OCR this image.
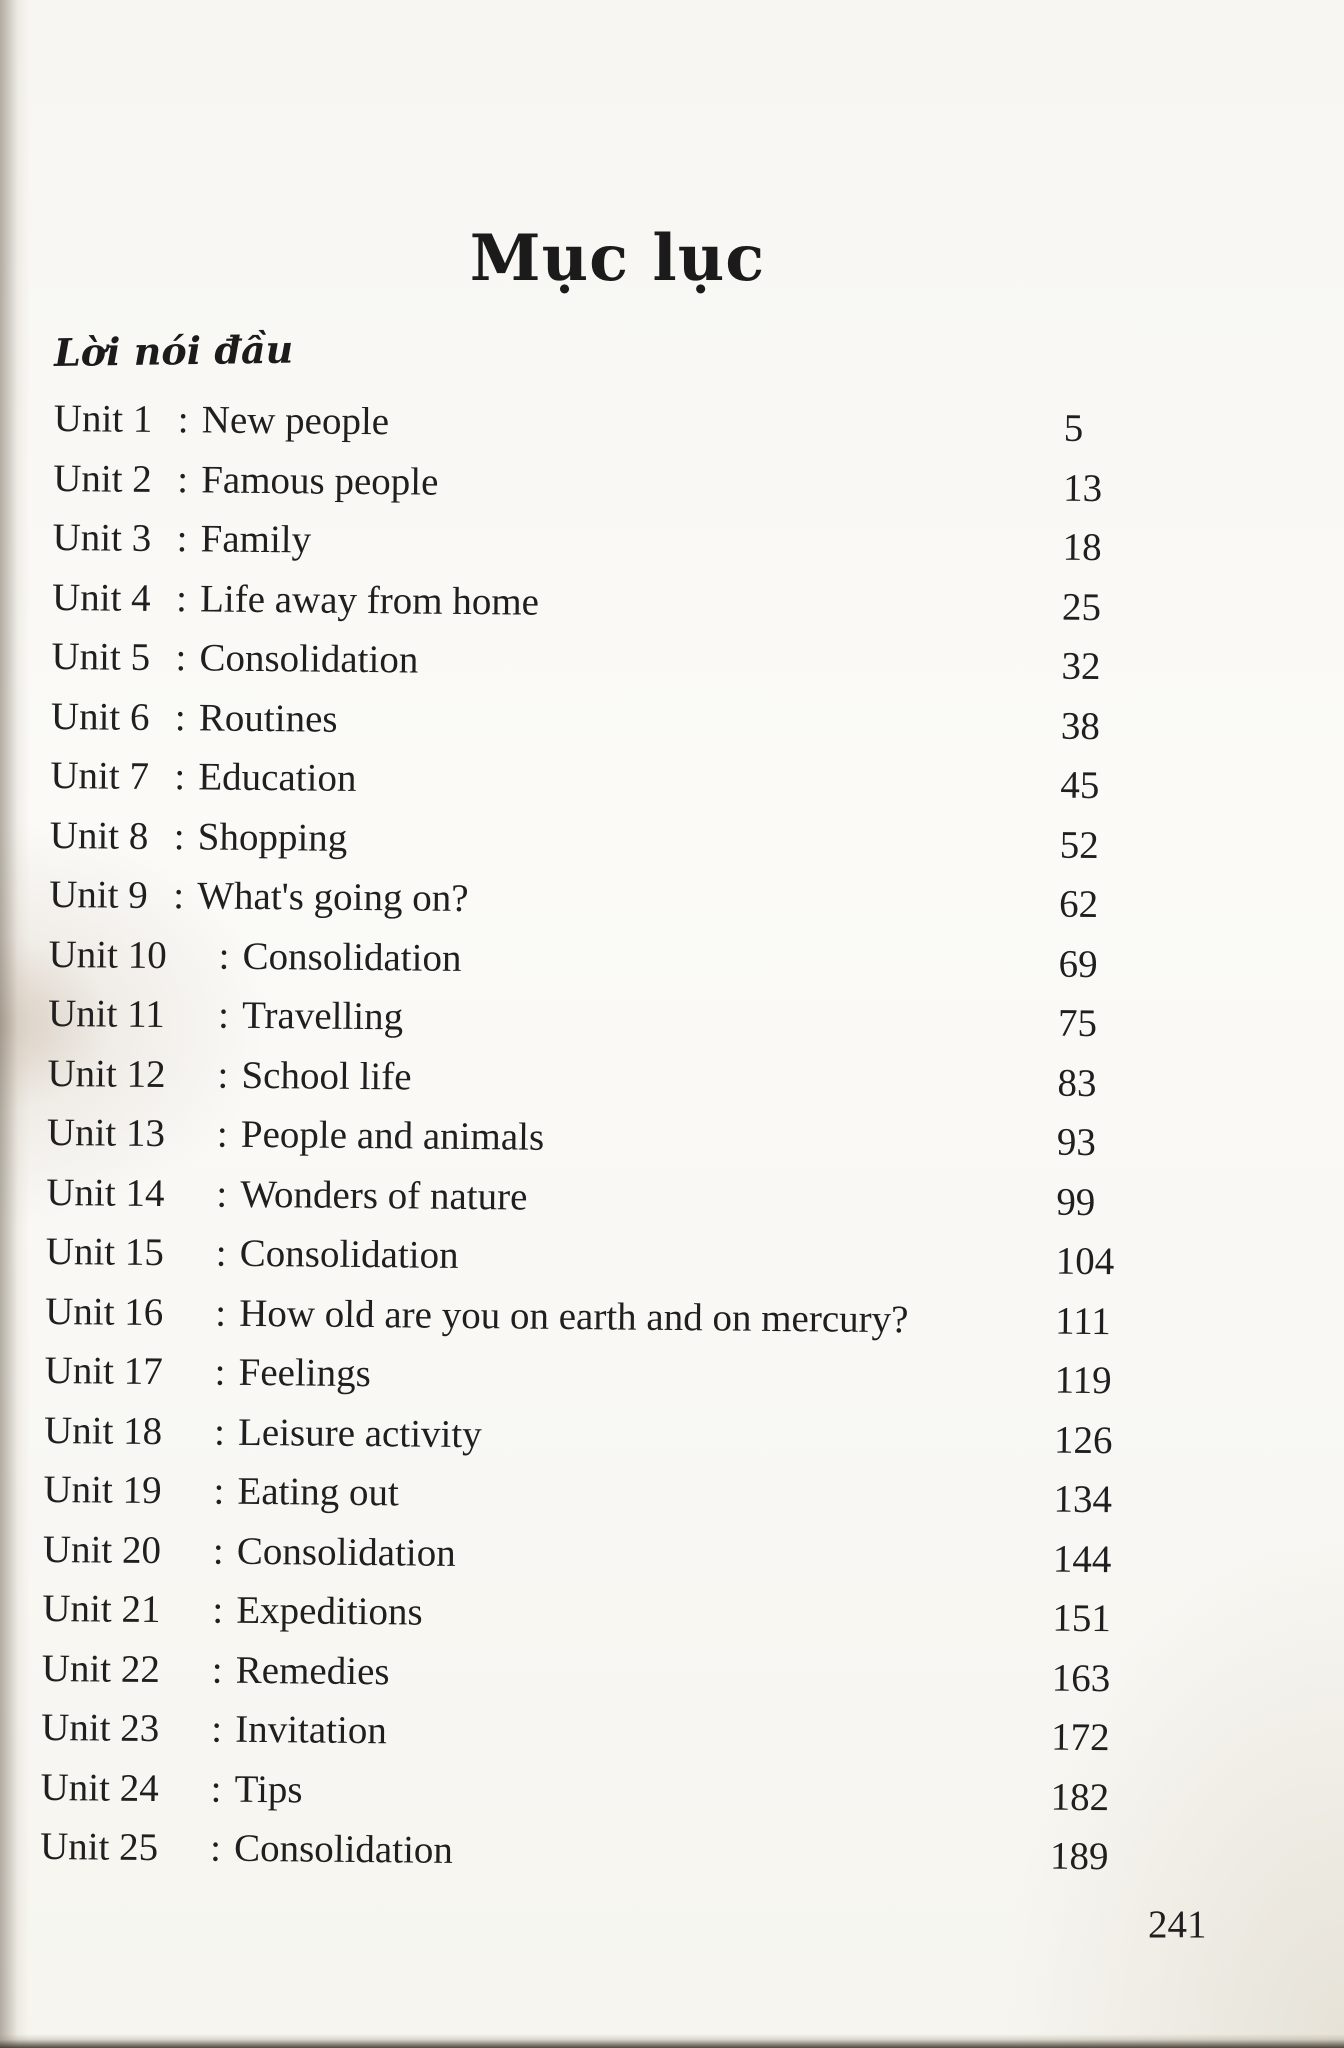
Mục lục
Lời nói đầu
Unit 1 : New people	5
Unit 2 : Famous people	13
Unit 3 : Family	18
Unit 4 : Life away from home	25
Unit 5 : Consolidation	32
Unit 6 : Routines	38
Unit 7 : Education	45
Unit 8 : Shopping	52
Unit 9 : What's going on?	62
Unit 10 : Consolidation	69
Unit 11 : Travelling	75
Unit 12 : School life	83
Unit 13 : People and animals	93
Unit 14 : Wonders of nature	99
Unit 15 : Consolidation	104
Unit 16 : How old are you on earth and on mercury?	111
Unit 17 : Feelings	119
Unit 18 : Leisure activity	126
Unit 19 : Eating out	134
Unit 20 : Consolidation	144
Unit 21 : Expeditions	151
Unit 22 : Remedies	163
Unit 23 : Invitation	172
Unit 24 : Tips	182
Unit 25 : Consolidation	189
241
